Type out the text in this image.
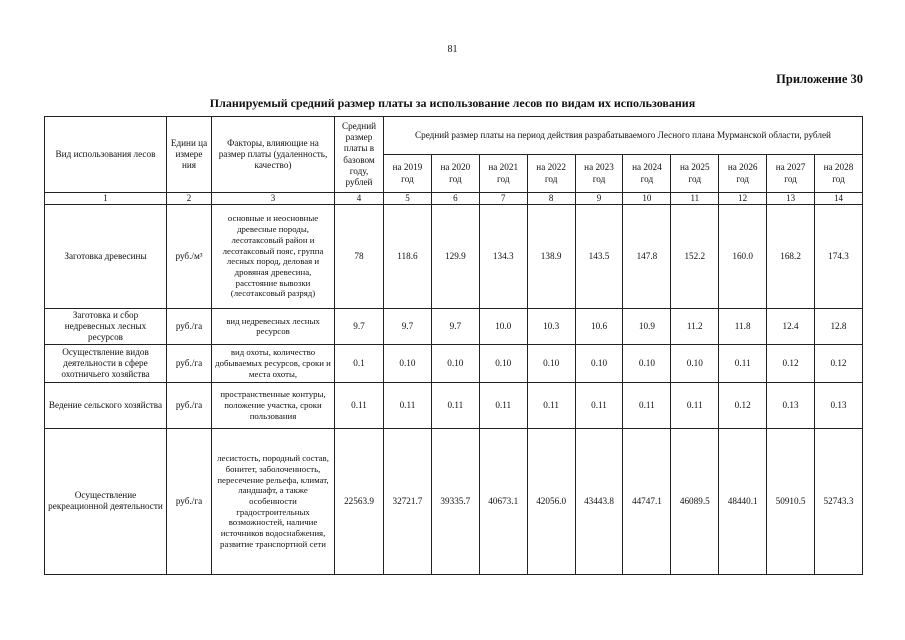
81
Приложение 30
Планируемый средний размер платы за использование лесов по видам их использования
Вид использования лесов	Едини ца измере ния	Факторы, влияющие на размер платы (удаленность, качество)	Средний размер платы в базовом году, рублей	Средний размер платы на период действия разрабатываемого Лесного плана Мурманской области, рублей									
				на 2019 год	на 2020 год	на 2021 год	на 2022 год	на 2023 год	на 2024 год	на 2025 год	на 2026 год	на 2027 год	на 2028 год
1	2	3	4	5	6	7	8	9	10	11	12	13	14
Заготовка древесины	руб./м³	основные и неосновные древесные породы, лесотаксовый район и лесотаксовый пояс, группа лесных пород, деловая и дровяная древесина, расстояние вывозки (лесотаксовый разряд)	78	118.6	129.9	134.3	138.9	143.5	147.8	152.2	160.0	168.2	174.3
Заготовка и сбор недревесных лесных ресурсов	руб./га	вид недревесных лесных ресурсов	9.7	9.7	9.7	10.0	10.3	10.6	10.9	11.2	11.8	12.4	12.8
Осуществление видов деятельности в сфере охотничьего хозяйства	руб./га	вид охоты, количество добываемых ресурсов, сроки и места охоты,	0.1	0.10	0.10	0.10	0.10	0.10	0.10	0.10	0.11	0.12	0.12
Ведение сельского хозяйства	руб./га	пространственные контуры, положение участка, сроки пользования	0.11	0.11	0.11	0.11	0.11	0.11	0.11	0.11	0.12	0.13	0.13
Осуществление рекреационной деятельности	руб./га	лесистость, породный состав, бонитет, заболоченность, пересечение рельефа, климат, ландшафт, а также особенности градостроительных возможностей, наличие источников водоснабжения, развитие транспортной сети	22563.9	32721.7	39335.7	40673.1	42056.0	43443.8	44747.1	46089.5	48440.1	50910.5	52743.3
